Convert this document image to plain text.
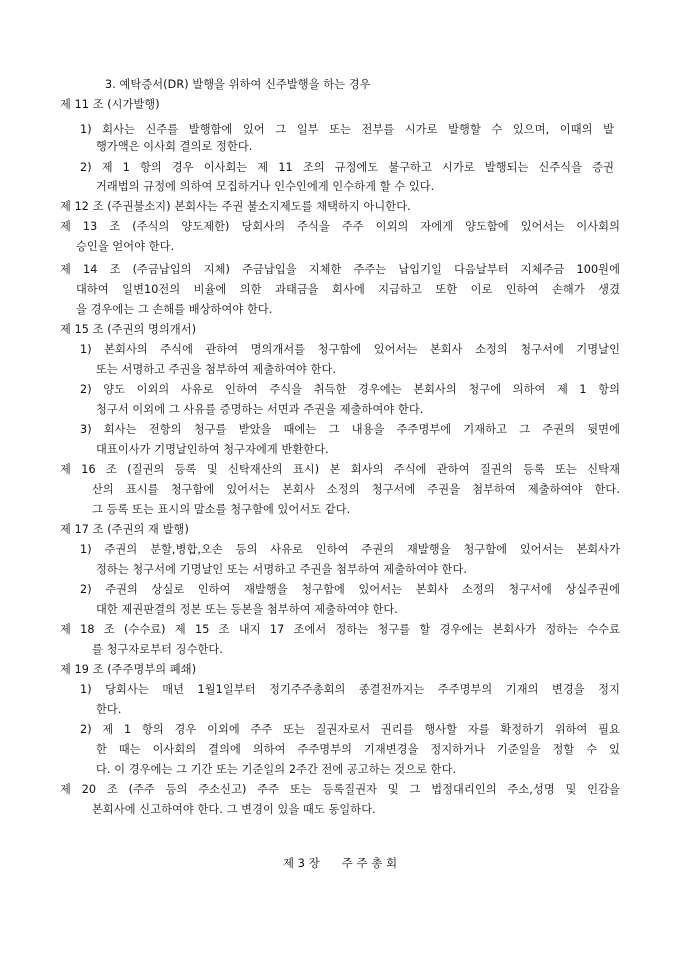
3. 예탁증서(DR) 발행을 위하여 신주발행을 하는 경우
제 11 조 (시가발행)
1) 회사는 신주를 발행함에 있어 그 일부 또는 전부를 시가로 발행할 수 있으며, 이때의 발
행가액은 이사회 결의로 정한다.
2) 제 1 항의 경우 이사회는 제 11 조의 규정에도 불구하고 시가로 발행되는 신주식을 증권
거래법의 규정에 의하여 모집하거나 인수인에게 인수하게 할 수 있다.
제 12 조 (주권불소지) 본회사는 주권 불소지제도를 채택하지 아니한다.
제 13 조 (주식의 양도제한) 당회사의 주식을 주주 이외의 자에게 양도함에 있어서는 이사회의
승인을 얻어야 한다.
제 14 조 (주금납입의 지체) 주금납입을 지체한 주주는 납입기일 다음날부터 지체주금 100원에
대하여 일변10전의 비율에 의한 과태금을 회사에 지급하고 또한 이로 인하여 손해가 생겼
을 경우에는 그 손해를 배상하여야 한다.
제 15 조 (주권의 명의개서)
1) 본회사의 주식에 관하여 명의개서를 청구함에 있어서는 본회사 소정의 청구서에 기명날인
또는 서명하고 주권을 첨부하여 제출하여야 한다.
2) 양도 이외의 사유로 인하여 주식을 취득한 경우에는 본회사의 청구에 의하여 제 1 항의
청구서 이외에 그 사유를 증명하는 서면과 주권을 제출하여야 한다.
3) 회사는 전항의 청구를 받았을 때에는 그 내용을 주주명부에 기재하고 그 주권의 뒷면에
대표이사가 기명날인하여 청구자에게 반환한다.
제 16 조 (질권의 등록 및 신탁재산의 표시) 본 회사의 주식에 관하여 질권의 등록 또는 신탁재
산의 표시를 청구함에 있어서는 본회사 소정의 청구서에 주권을 첨부하여 제출하여야 한다.
그 등록 또는 표시의 말소를 청구함에 있어서도 같다.
제 17 조 (주권의 재 발행)
1) 주권의 분할,병합,오손 등의 사유로 인하여 주권의 재발행을 청구함에 있어서는 본회사가
정하는 청구서에 기명날인 또는 서명하고 주권을 첨부하여 제출하여야 한다.
2) 주권의 상실로 인하여 재발행을 청구함에 있어서는 본회사 소정의 청구서에 상실주권에
대한 제권판결의 정본 또는 등본을 첨부하여 제출하여야 한다.
제 18 조 (수수료) 제 15 조 내지 17 조에서 정하는 청구를 할 경우에는 본회사가 정하는 수수료
를 청구자로부터 징수한다.
제 19 조 (주주명부의 폐쇄)
1) 당회사는 매년 1월1일부터 정기주주총회의 종결전까지는 주주명부의 기재의 변경을 정지
한다.
2) 제 1 항의 경우 이외에 주주 또는 질권자로서 권리를 행사할 자를 확정하기 위하여 필요
한 때는 이사회의 결의에 의하여 주주명부의 기재변경을 정지하거나 기준일을 정할 수 있
다. 이 경우에는 그 기간 또는 기준일의 2주간 전에 공고하는 것으로 한다.
제 20 조 (주주 등의 주소신고) 주주 또는 등록질권자 및 그 법정대리인의 주소,성명 및 인감을
본회사에 신고하여야 한다. 그 변경이 있을 때도 동일하다.
제 3 장      주 주 총 회
